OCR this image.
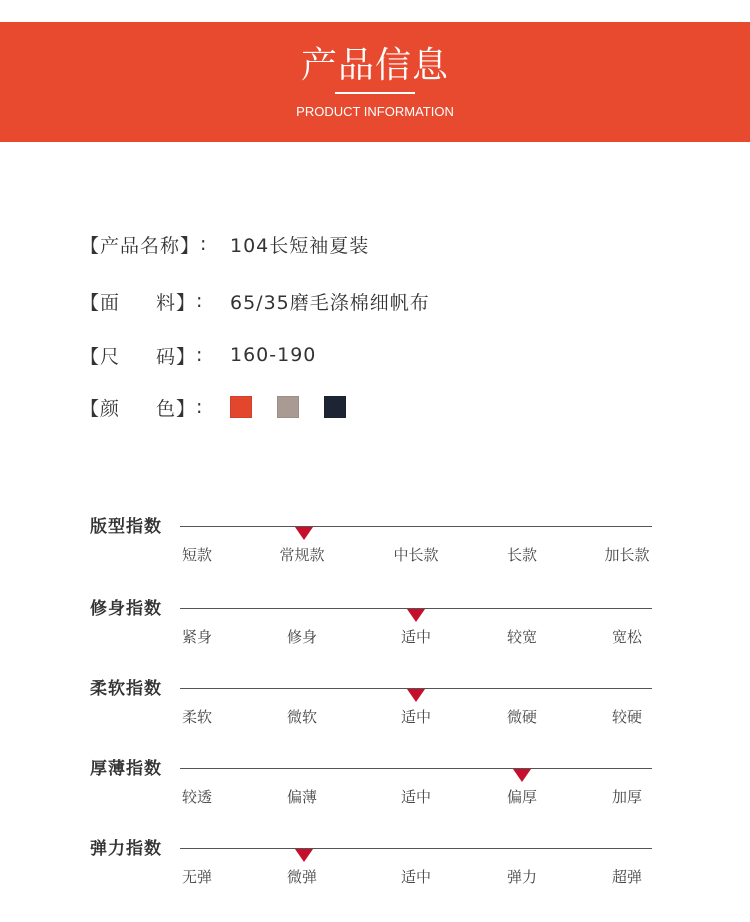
产品信息
PRODUCT INFORMATION
【 产品名称 】 : 104长短袖夏装
【 面 料 】 : 65/35磨毛涤棉细帆布
【 尺 码 】 : 160-190
【 颜 色 】 :
版型指数
短款	常规款	中长款	长款	加长款
修身指数
紧身	修身	适中	较宽	宽松
柔软指数
柔软	微软	适中	微硬	较硬
厚薄指数
较透	偏薄	适中	偏厚	加厚
弹力指数
无弹	微弹	适中	弹力	超弹
